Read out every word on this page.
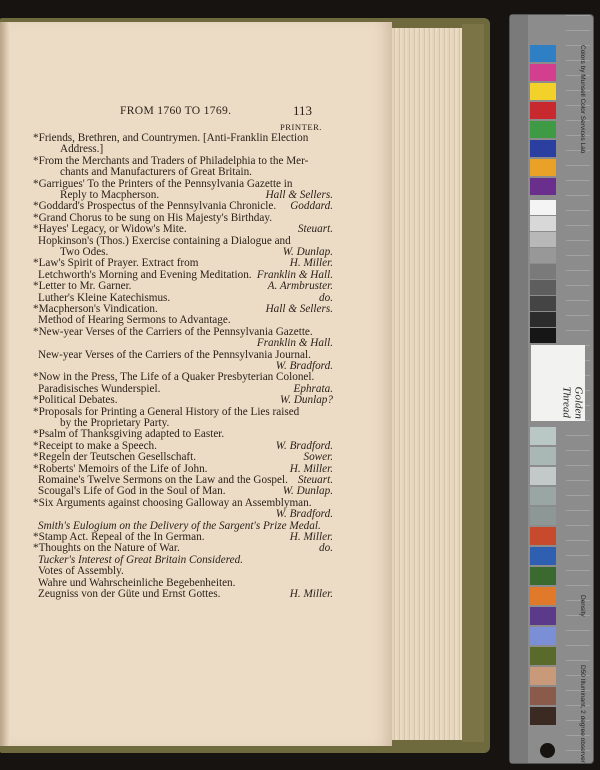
FROM 1760 TO 1769.	113
PRINTER.
*Friends, Brethren, and Countrymen. [Anti-Franklin Election
Address.]
*From the Merchants and Traders of Philadelphia to the Mer-
chants and Manufacturers of Great Britain.
*Garrigues' To the Printers of the Pennsylvania Gazette in
Reply to Macpherson.	Hall & Sellers.
*Goddard's Prospectus of the Pennsylvania Chronicle. Goddard.
*Grand Chorus to be sung on His Majesty's Birthday.
*Hayes' Legacy, or Widow's Mite.	Steuart.
Hopkinson's (Thos.) Exercise containing a Dialogue and
Two Odes.	W. Dunlap.
*Law's Spirit of Prayer. Extract from	H. Miller.
Letchworth's Morning and Evening Meditation. Franklin & Hall.
*Letter to Mr. Garner.	A. Armbruster.
Luther's Kleine Katechismus.	do.
*Macpherson's Vindication.	Hall & Sellers.
Method of Hearing Sermons to Advantage.
*New-year Verses of the Carriers of the Pennsylvania Gazette.
Franklin & Hall.
New-year Verses of the Carriers of the Pennsylvania Journal.
W. Bradford.
*Now in the Press, The Life of a Quaker Presbyterian Colonel.
Paradisisches Wunderspiel.	Ephrata.
*Political Debates.	W. Dunlap?
*Proposals for Printing a General History of the Lies raised
by the Proprietary Party.
*Psalm of Thanksgiving adapted to Easter.
*Receipt to make a Speech.	W. Bradford.
*Regeln der Teutschen Gesellschaft.	Sower.
*Roberts' Memoirs of the Life of John.	H. Miller.
Romaine's Twelve Sermons on the Law and the Gospel. Steuart.
Scougal's Life of God in the Soul of Man.	W. Dunlap.
*Six Arguments against choosing Galloway an Assemblyman.
W. Bradford.
Smith's Eulogium on the Delivery of the Sargent's Prize Medal.
*Stamp Act. Repeal of the In German.	H. Miller.
*Thoughts on the Nature of War.	do.
Tucker's Interest of Great Britain Considered.
Votes of Assembly.
Wahre und Wahrscheinliche Begebenheiten.
Zeugniss von der Güte und Ernst Gottes.	H. Miller.
Golden Thread
Colors by Munsell Color Services Lab
Density
D50 Illuminant, 2 degree observer
